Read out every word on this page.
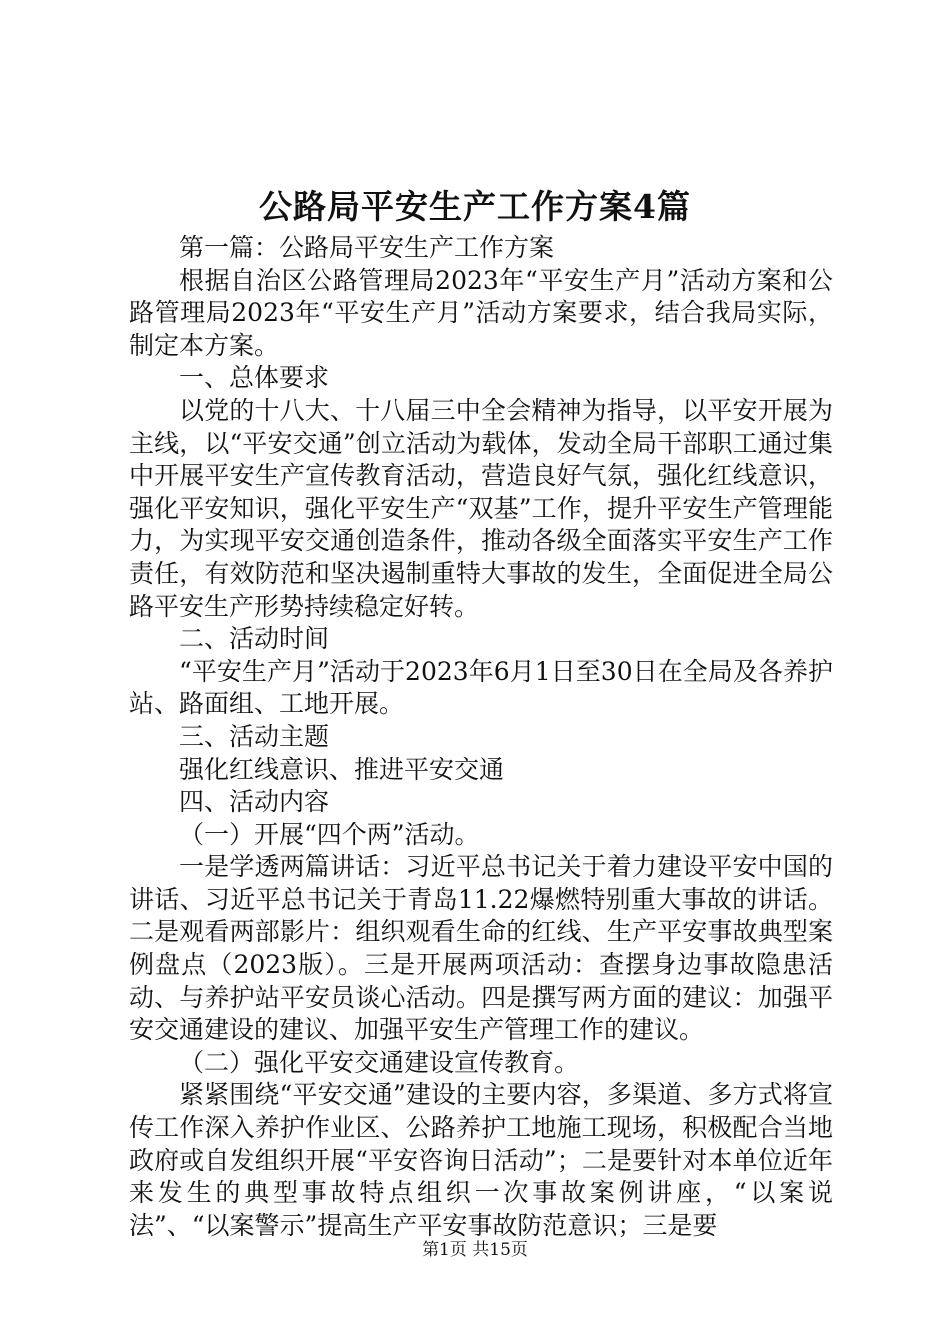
公路局平安生产工作方案4篇

第一篇：公路局平安生产工作方案

根据自治区公路管理局2023年“平安生产月”活动方案和公路管理局2023年“平安生产月”活动方案要求，结合我局实际，制定本方案。

一、总体要求

以党的十八大、十八届三中全会精神为指导，以平安开展为主线，以“平安交通”创立活动为载体，发动全局干部职工通过集中开展平安生产宣传教育活动，营造良好气氛，强化红线意识，强化平安知识，强化平安生产“双基”工作，提升平安生产管理能力，为实现平安交通创造条件，推动各级全面落实平安生产工作责任，有效防范和坚决遏制重特大事故的发生，全面促进全局公路平安生产形势持续稳定好转。

二、活动时间

“平安生产月”活动于2023年6月1日至30日在全局及各养护站、路面组、工地开展。

三、活动主题

强化红线意识、推进平安交通

四、活动内容

（一）开展“四个两”活动。

一是学透两篇讲话：习近平总书记关于着力建设平安中国的讲话、习近平总书记关于青岛11.22爆燃特别重大事故的讲话。二是观看两部影片：组织观看生命的红线、生产平安事故典型案例盘点（2023版）。三是开展两项活动：查摆身边事故隐患活动、与养护站平安员谈心活动。四是撰写两方面的建议：加强平安交通建设的建议、加强平安生产管理工作的建议。

（二）强化平安交通建设宣传教育。

紧紧围绕“平安交通”建设的主要内容，多渠道、多方式将宣传工作深入养护作业区、公路养护工地施工现场，积极配合当地政府或自发组织开展“平安咨询日活动”；二是要针对本单位近年来发生的典型事故特点组织一次事故案例讲座，“以案说法”、“以案警示”提高生产平安事故防范意识；三是要

第1页 共15页
